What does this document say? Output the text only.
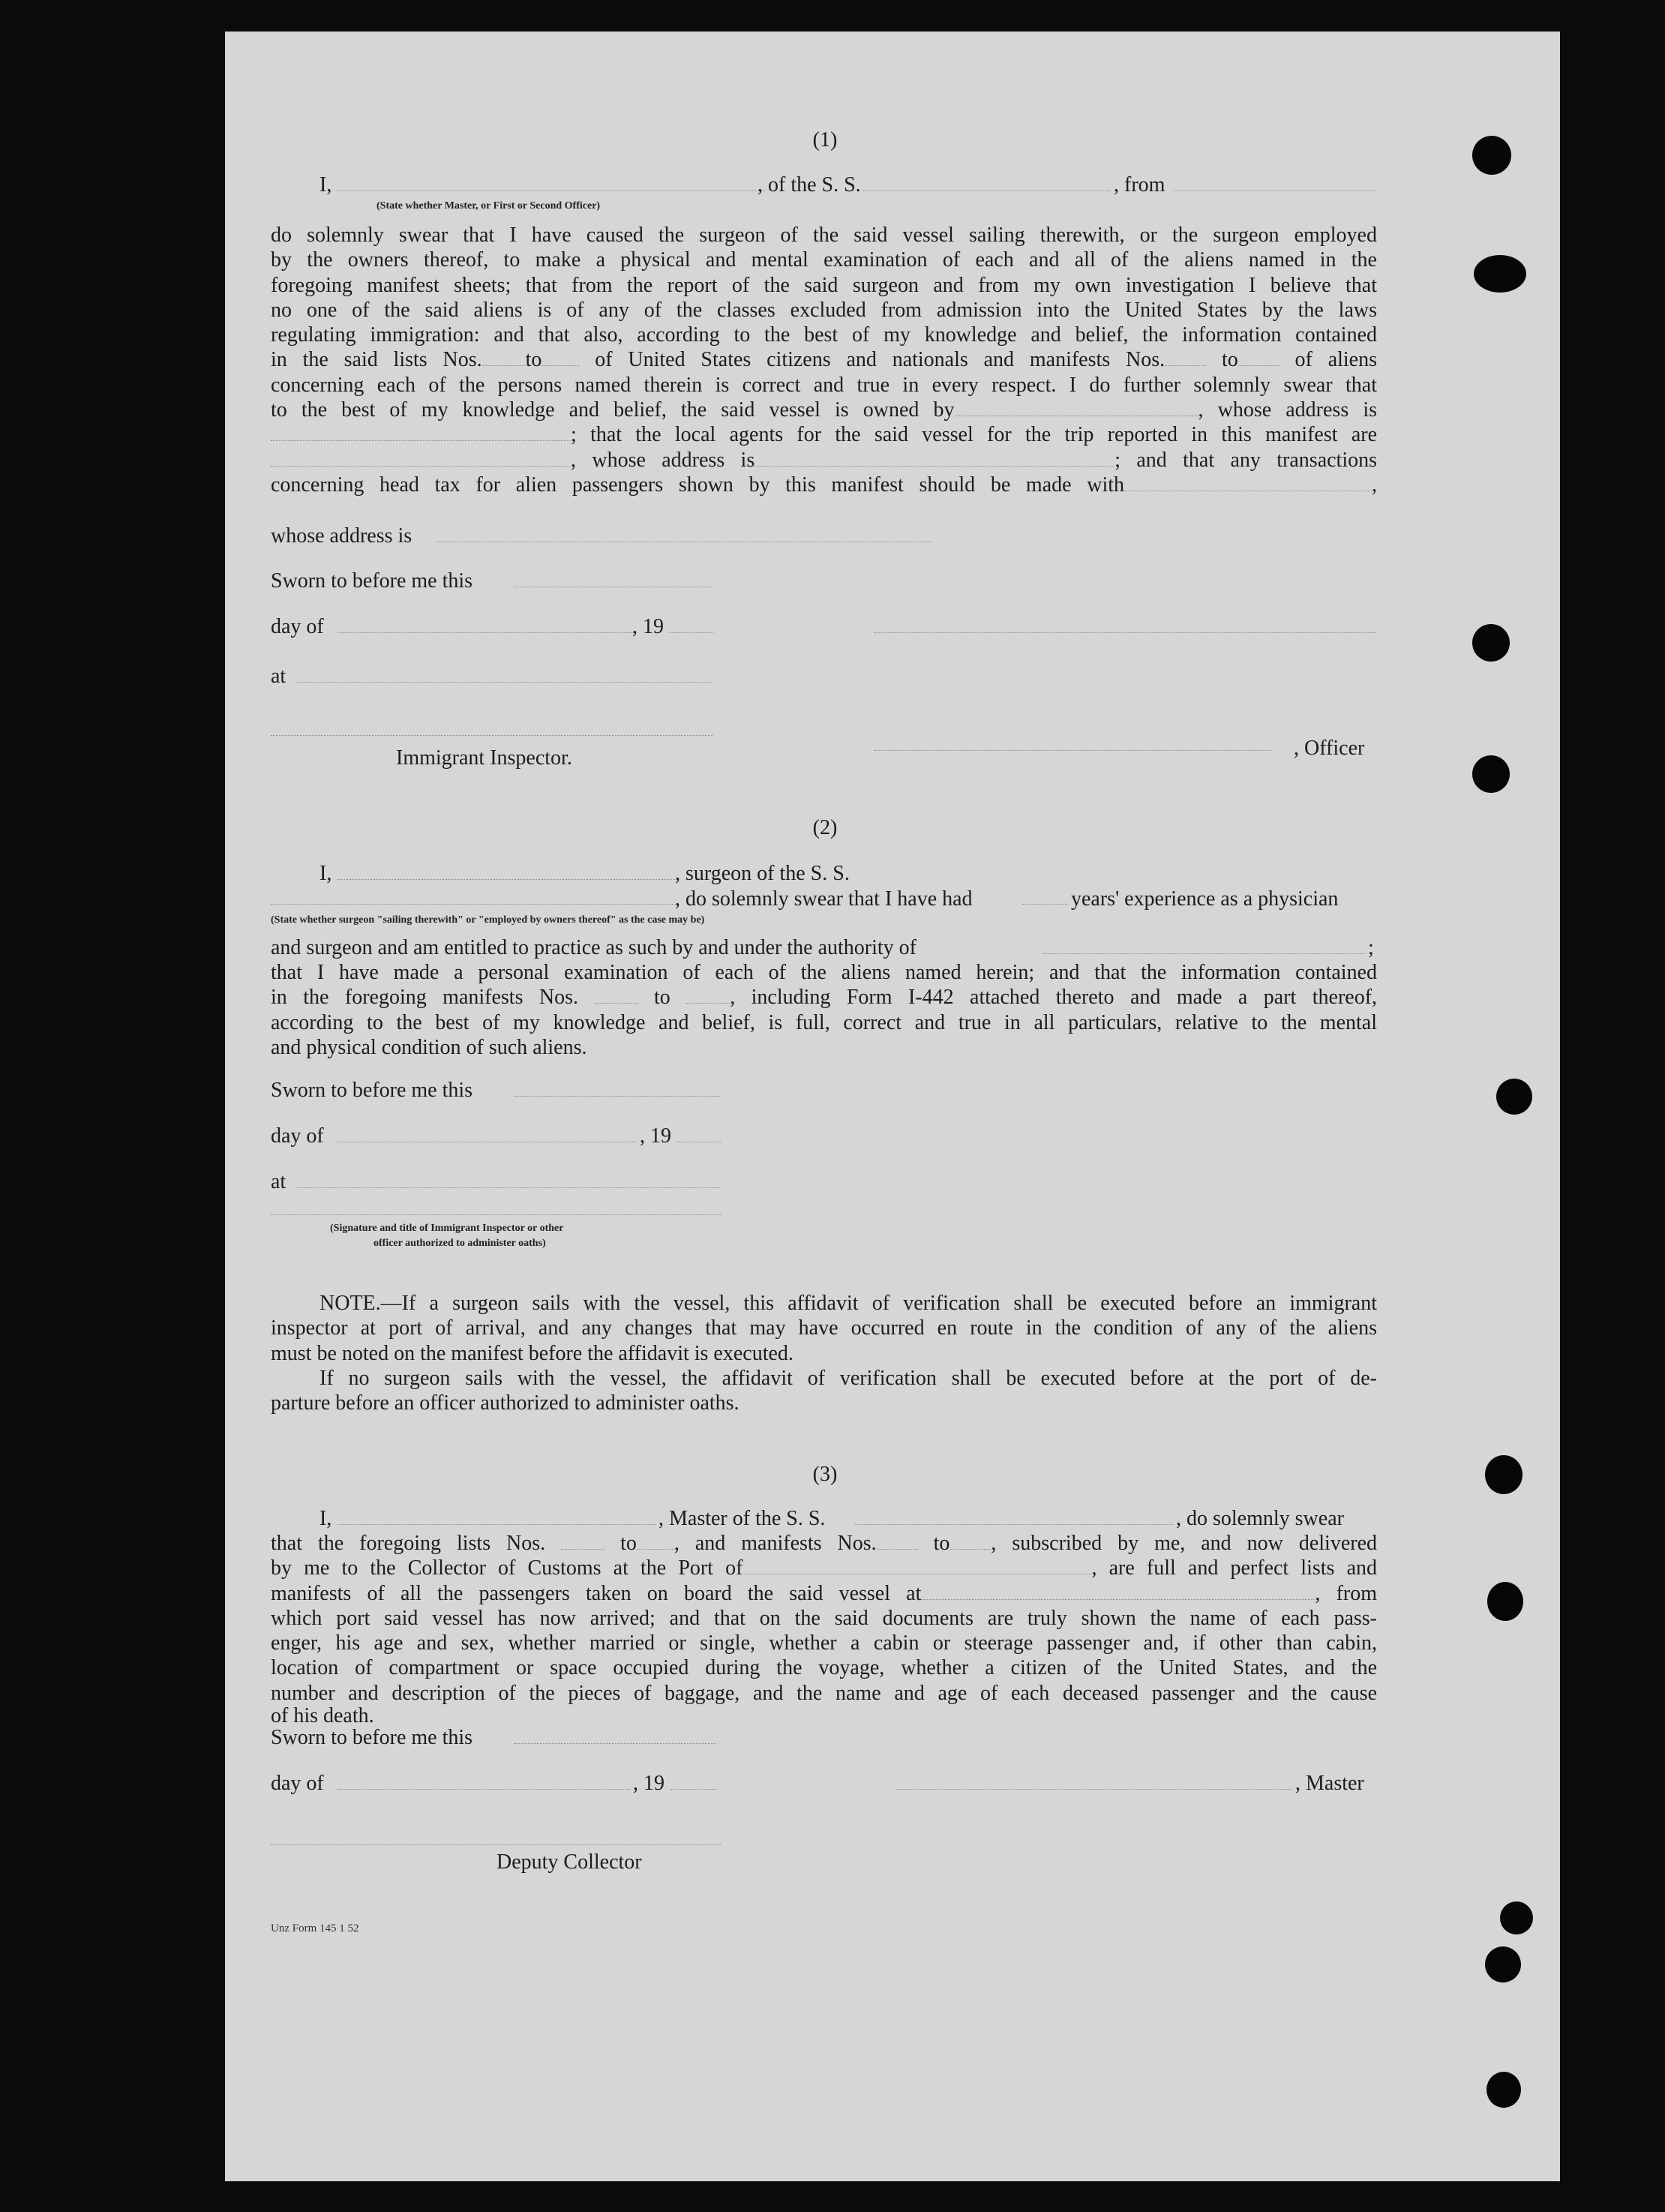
(1)
I,	, of the S. S.	, from
(State whether Master, or First or Second Officer)
do solemnly swear that I have caused the surgeon of the said vessel sailing therewith, or the surgeon employed
by the owners thereof, to make a physical and mental examination of each and all of the aliens named in the
foregoing manifest sheets; that from the report of the said surgeon and from my own investigation I believe that
no one of the said aliens is of any of the classes excluded from admission into the United States by the laws
regulating immigration: and that also, according to the best of my knowledge and belief, the information contained
in the said lists Nos. to	of United States citizens and nationals and manifests Nos.	to	of aliens
concerning each of the persons named therein is correct and true in every respect. I do further solemnly swear that
to the best of my knowledge and belief, the said vessel is owned by	, whose address is
; that the local agents for the said vessel for the trip reported in this manifest are
, whose address is	; and that any transactions
concerning head tax for alien passengers shown by this manifest should be made with	,
whose address is
Sworn to before me this
day of	, 19
at
, Officer
Immigrant Inspector.
(2)
I,	, surgeon of the S. S.
, do solemnly swear that I have had	years' experience as a physician
(State whether surgeon "sailing therewith" or "employed by owners thereof" as the case may be)
and surgeon and am entitled to practice as such by and under the authority of	;
that I have made a personal examination of each of the aliens named herein; and that the information contained
in the foregoing manifests Nos.	to	, including Form I-442 attached thereto and made a part thereof,
according to the best of my knowledge and belief, is full, correct and true in all particulars, relative to the mental
and physical condition of such aliens.
Sworn to before me this
day of	, 19
at
(Signature and title of Immigrant Inspector or other
officer authorized to administer oaths)
NOTE.—If a surgeon sails with the vessel, this affidavit of verification shall be executed before an immigrant
inspector at port of arrival, and any changes that may have occurred en route in the condition of any of the aliens
must be noted on the manifest before the affidavit is executed.
If no surgeon sails with the vessel, the affidavit of verification shall be executed before at the port of de-
parture before an officer authorized to administer oaths.
(3)
I,	, Master of the S. S.	, do solemnly swear
that the foregoing lists Nos.	to , and manifests Nos.	to , subscribed by me, and now delivered
by me to the Collector of Customs at the Port of	, are full and perfect lists and
manifests of all the passengers taken on board the said vessel at	, from
which port said vessel has now arrived; and that on the said documents are truly shown the name of each pass-
enger, his age and sex, whether married or single, whether a cabin or steerage passenger and, if other than cabin,
location of compartment or space occupied during the voyage, whether a citizen of the United States, and the
number and description of the pieces of baggage, and the name and age of each deceased passenger and the cause
of his death.
Sworn to before me this
day of	, 19	, Master
Deputy Collector
Unz Form 145 1 52
